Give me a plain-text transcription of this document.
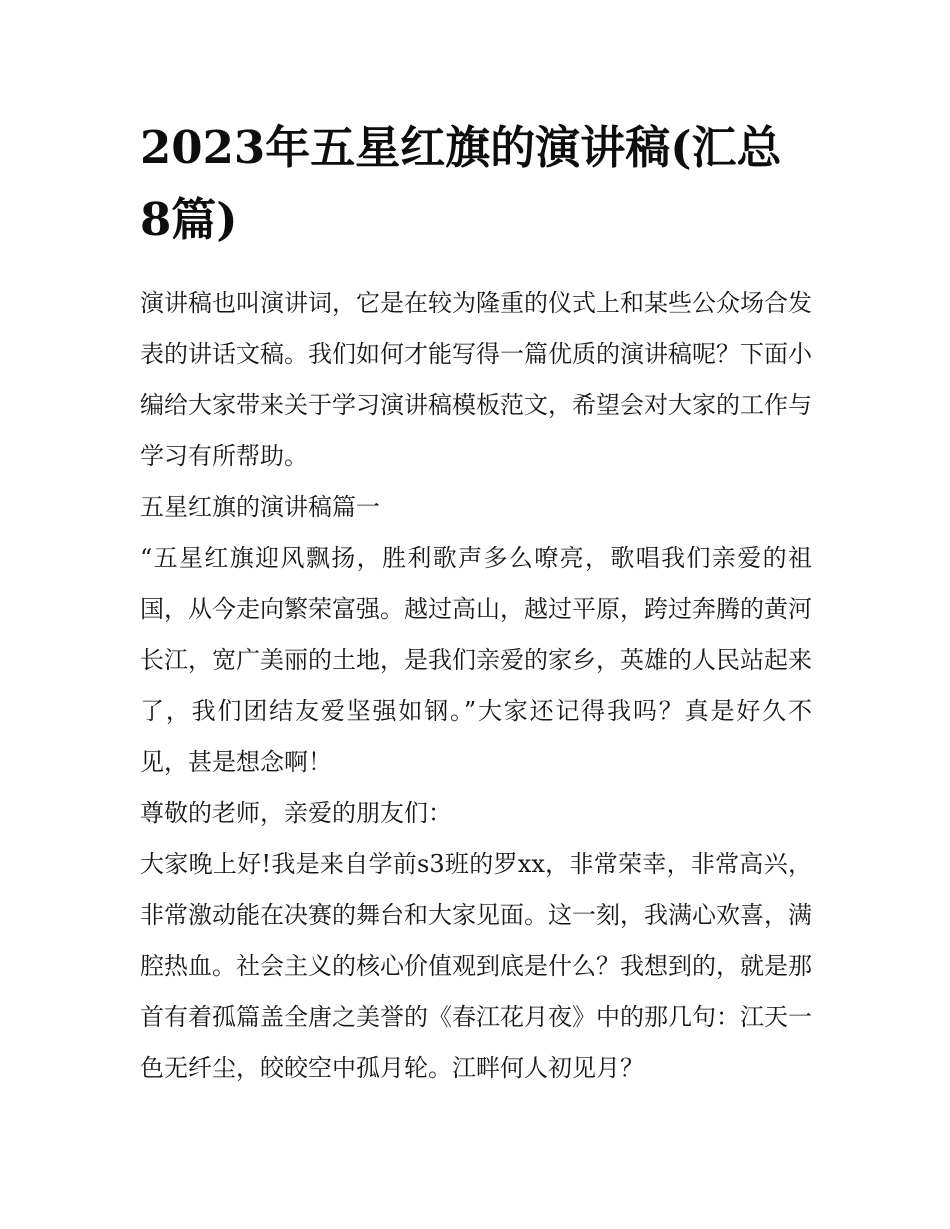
2023年五星红旗的演讲稿(汇总8篇)

演讲稿也叫演讲词，它是在较为隆重的仪式上和某些公众场合发表的讲话文稿。我们如何才能写得一篇优质的演讲稿呢？下面小编给大家带来关于学习演讲稿模板范文，希望会对大家的工作与学习有所帮助。

五星红旗的演讲稿篇一

“五星红旗迎风飘扬，胜利歌声多么嘹亮，歌唱我们亲爱的祖国，从今走向繁荣富强。越过高山，越过平原，跨过奔腾的黄河长江，宽广美丽的土地，是我们亲爱的家乡，英雄的人民站起来了，我们团结友爱坚强如钢。”大家还记得我吗？真是好久不见，甚是想念啊！

尊敬的老师，亲爱的朋友们：

大家晚上好!我是来自学前s3班的罗xx，非常荣幸，非常高兴，非常激动能在决赛的舞台和大家见面。这一刻，我满心欢喜，满腔热血。社会主义的核心价值观到底是什么？我想到的，就是那首有着孤篇盖全唐之美誉的《春江花月夜》中的那几句：江天一色无纤尘，皎皎空中孤月轮。江畔何人初见月？
